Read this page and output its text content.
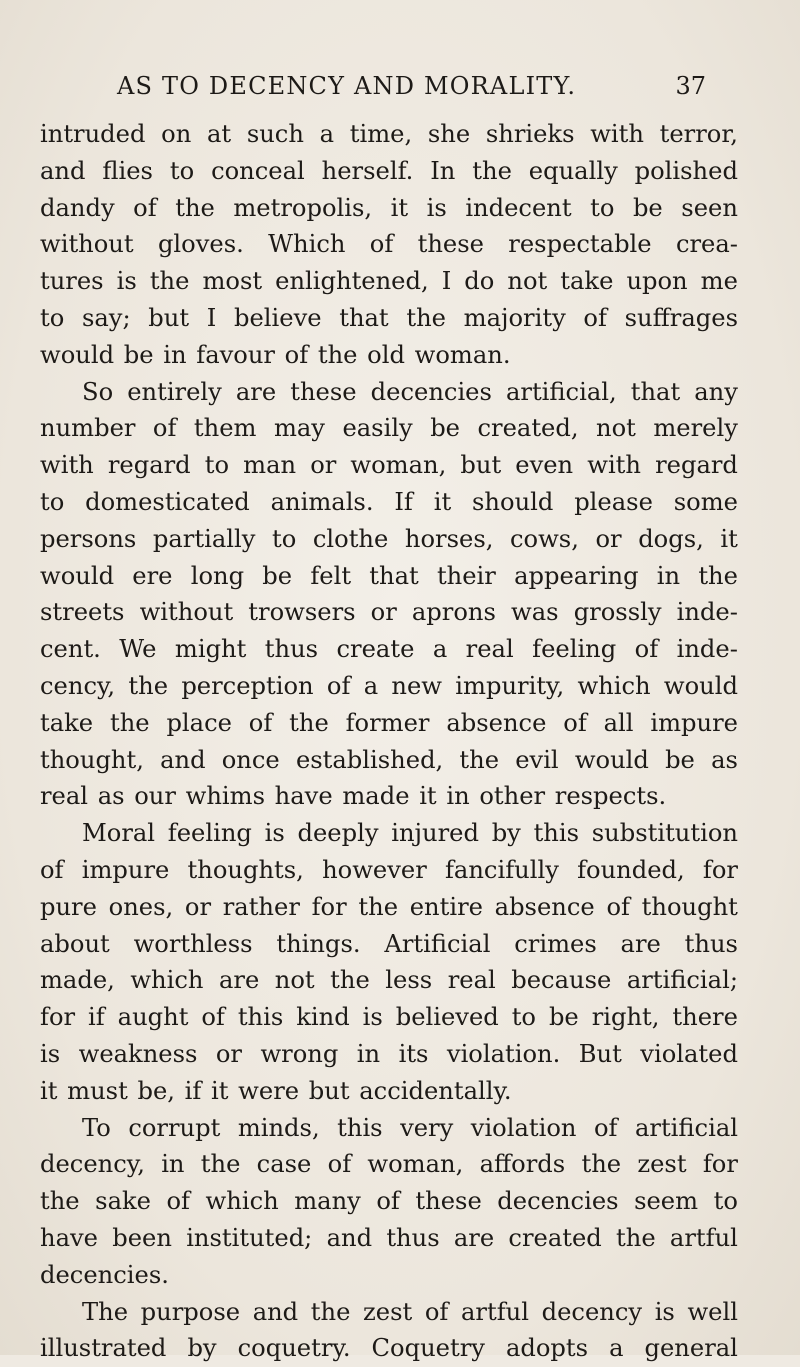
AS TO DECENCY AND MORALITY.	37
intruded on at such a time, she shrieks with terror,
and flies to conceal herself. In the equally polished
dandy of the metropolis, it is indecent to be seen
without gloves. Which of these respectable crea-
tures is the most enlightened, I do not take upon me
to say; but I believe that the majority of suffrages
would be in favour of the old woman.
So entirely are these decencies artificial, that any
number of them may easily be created, not merely
with regard to man or woman, but even with regard
to domesticated animals. If it should please some
persons partially to clothe horses, cows, or dogs, it
would ere long be felt that their appearing in the
streets without trowsers or aprons was grossly inde-
cent. We might thus create a real feeling of inde-
cency, the perception of a new impurity, which would
take the place of the former absence of all impure
thought, and once established, the evil would be as
real as our whims have made it in other respects.
Moral feeling is deeply injured by this substitution
of impure thoughts, however fancifully founded, for
pure ones, or rather for the entire absence of thought
about worthless things. Artificial crimes are thus
made, which are not the less real because artificial;
for if aught of this kind is believed to be right, there
is weakness or wrong in its violation. But violated
it must be, if it were but accidentally.
To corrupt minds, this very violation of artificial
decency, in the case of woman, affords the zest for
the sake of which many of these decencies seem to
have been instituted; and thus are created the artful
decencies.
The purpose and the zest of artful decency is well
illustrated by coquetry. Coquetry adopts a general
